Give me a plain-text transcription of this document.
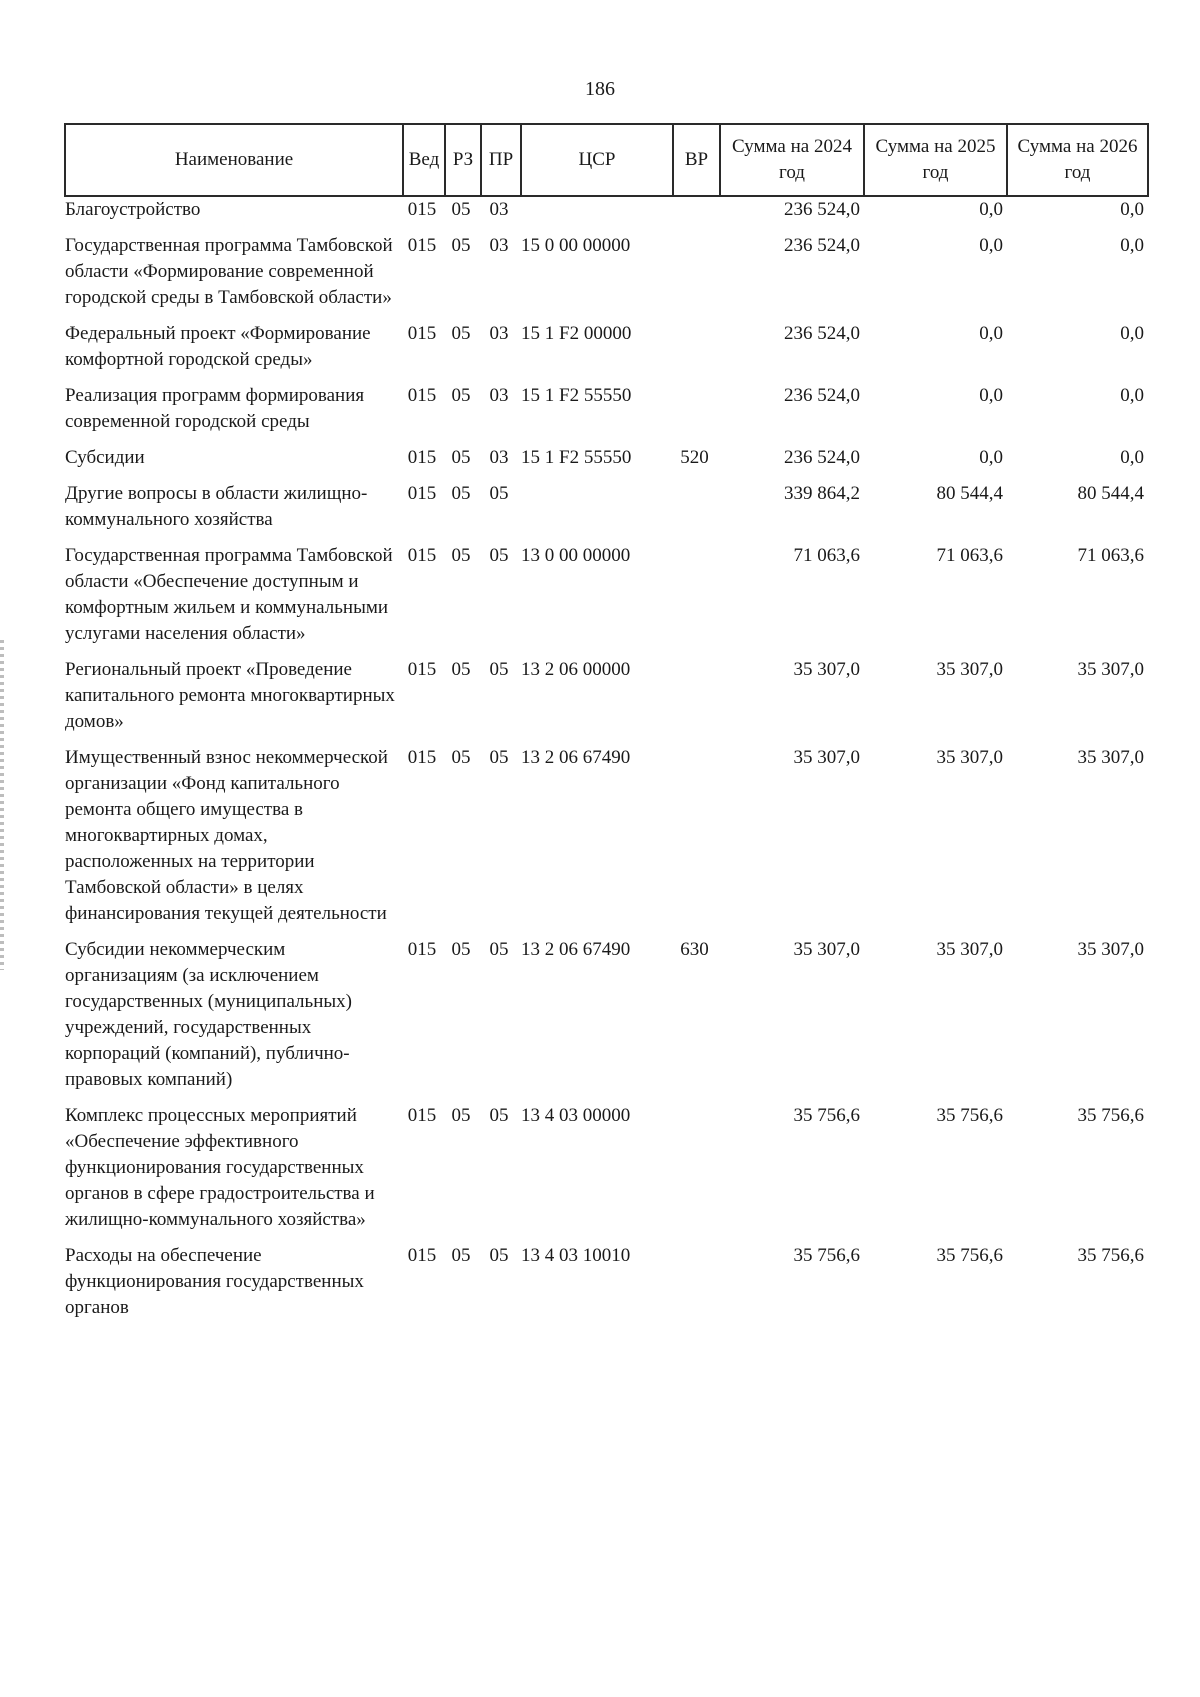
186
Наименование	Вед	РЗ	ПР	ЦСР	ВР	Сумма на 2024 год	Сумма на 2025 год	Сумма на 2026 год
Благоустройство	015	05	03			236 524,0	0,0	0,0
Государственная программа Тамбовской области «Формирование современной городской среды в Тамбовской области»	015	05	03	15 0 00 00000		236 524,0	0,0	0,0
Федеральный проект «Формирование комфортной городской среды»	015	05	03	15 1 F2 00000		236 524,0	0,0	0,0
Реализация программ формирования современной городской среды	015	05	03	15 1 F2 55550		236 524,0	0,0	0,0
Субсидии	015	05	03	15 1 F2 55550	520	236 524,0	0,0	0,0
Другие вопросы в области жилищно-коммунального хозяйства	015	05	05			339 864,2	80 544,4	80 544,4
Государственная программа Тамбовской области «Обеспечение доступным и комфортным жильем и коммунальными услугами населения области»	015	05	05	13 0 00 00000		71 063,6	71 063,6	71 063,6
Региональный проект «Проведение капитального ремонта многоквартирных домов»	015	05	05	13 2 06 00000		35 307,0	35 307,0	35 307,0
Имущественный взнос некоммерческой организации «Фонд капитального ремонта общего имущества в многоквартирных домах, расположенных на территории Тамбовской области» в целях финансирования текущей деятельности	015	05	05	13 2 06 67490		35 307,0	35 307,0	35 307,0
Субсидии некоммерческим организациям (за исключением государственных (муниципальных) учреждений, государственных корпораций (компаний), публично-правовых компаний)	015	05	05	13 2 06 67490	630	35 307,0	35 307,0	35 307,0
Комплекс процессных мероприятий «Обеспечение эффективного функционирования государственных органов в сфере градостроительства и жилищно-коммунального хозяйства»	015	05	05	13 4 03 00000		35 756,6	35 756,6	35 756,6
Расходы на обеспечение функционирования государственных органов	015	05	05	13 4 03 10010		35 756,6	35 756,6	35 756,6
